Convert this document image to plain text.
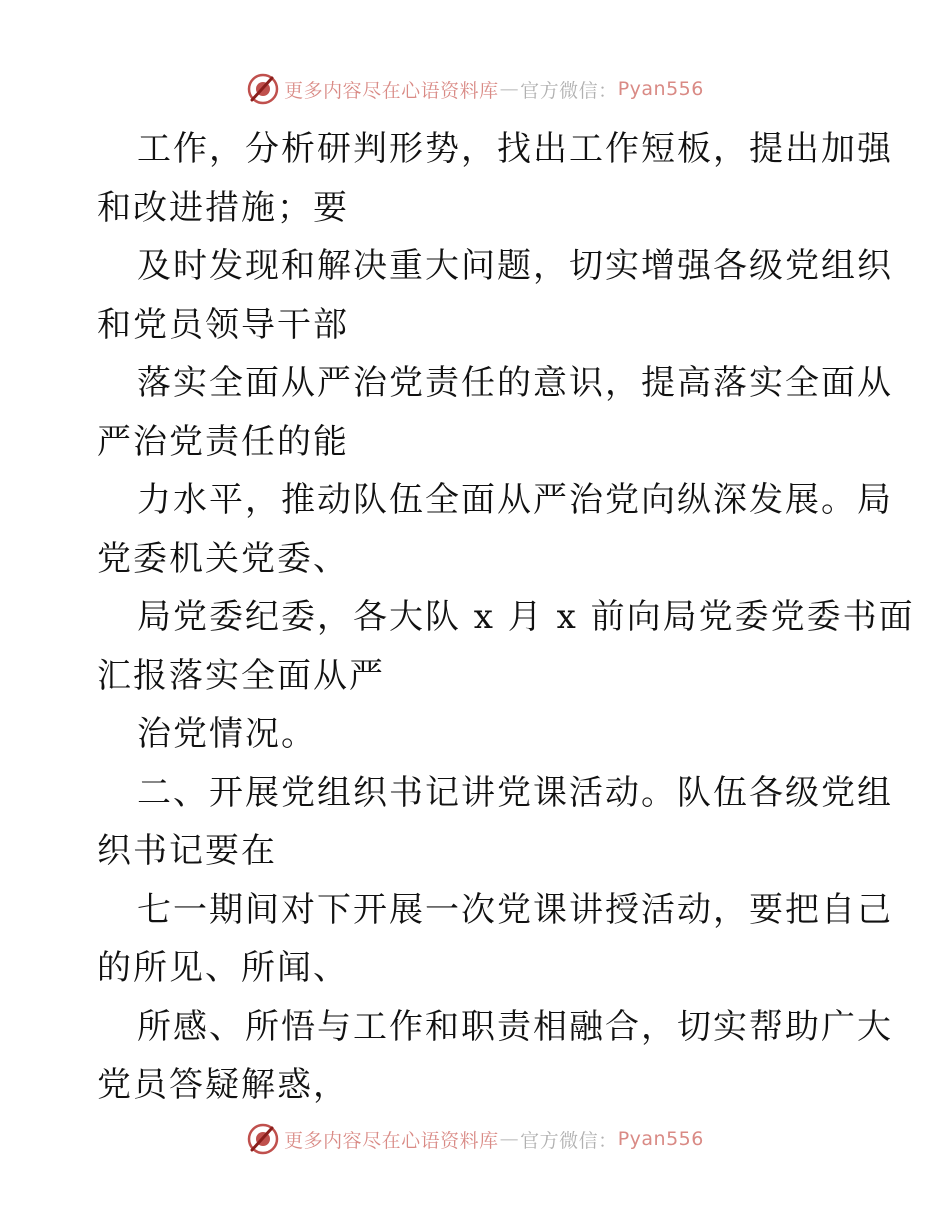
更多内容尽在心语资料库 — 官方微信： Pyan556
工作，分析研判形势，找出工作短板，提出加强
和改进措施；要
及时发现和解决重大问题，切实增强各级党组织
和党员领导干部
落实全面从严治党责任的意识，提高落实全面从
严治党责任的能
力水平，推动队伍全面从严治党向纵深发展。局
党委机关党委、
局党委纪委，各大队 x 月 x 前向局党委党委书面
汇报落实全面从严
治党情况。
二、开展党组织书记讲党课活动。队伍各级党组
织书记要在
七一期间对下开展一次党课讲授活动，要把自己
的所见、所闻、
所感、所悟与工作和职责相融合，切实帮助广大
党员答疑解惑，
更多内容尽在心语资料库 — 官方微信： Pyan556
